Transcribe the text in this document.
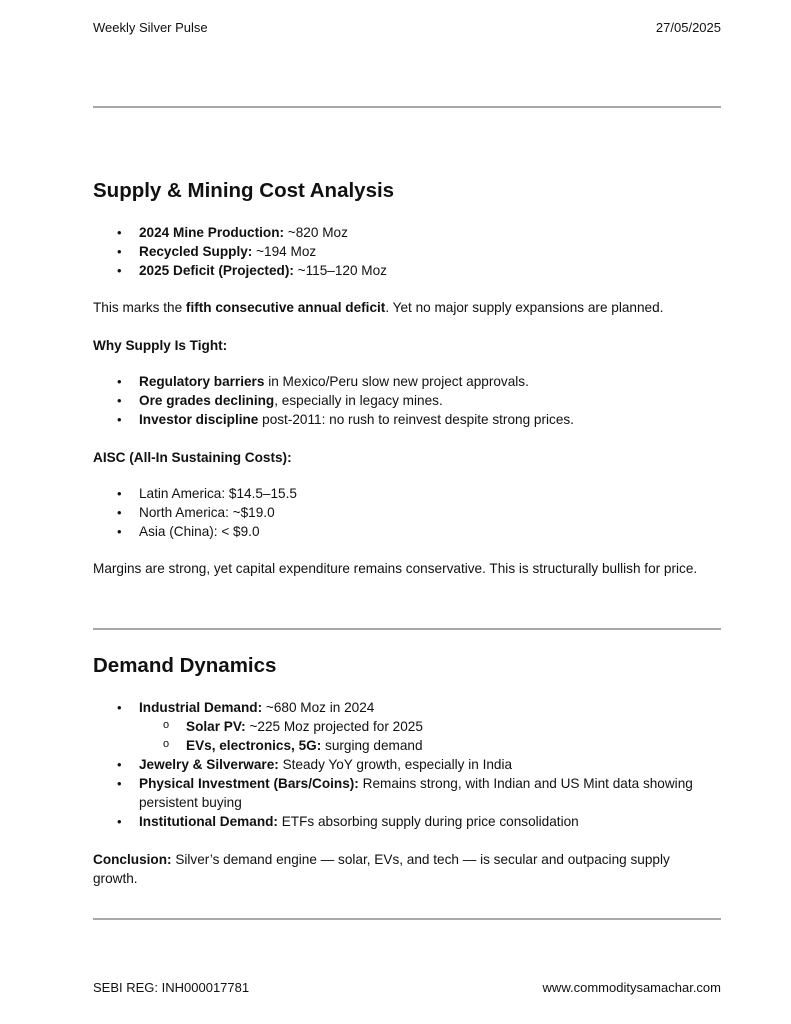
Weekly Silver Pulse	27/05/2025
Supply & Mining Cost Analysis
• 2024 Mine Production: ~820 Moz
• Recycled Supply: ~194 Moz
• 2025 Deficit (Projected): ~115–120 Moz

This marks the fifth consecutive annual deficit. Yet no major supply expansions are planned.

Why Supply Is Tight:

• Regulatory barriers in Mexico/Peru slow new project approvals.
• Ore grades declining, especially in legacy mines.
• Investor discipline post-2011: no rush to reinvest despite strong prices.

AISC (All-In Sustaining Costs):

• Latin America: $14.5–15.5
• North America: ~$19.0
• Asia (China): < $9.0

Margins are strong, yet capital expenditure remains conservative. This is structurally bullish for price.

Demand Dynamics
• Industrial Demand: ~680 Moz in 2024
o Solar PV: ~225 Moz projected for 2025
o EVs, electronics, 5G: surging demand
• Jewelry & Silverware: Steady YoY growth, especially in India
• Physical Investment (Bars/Coins): Remains strong, with Indian and US Mint data showing persistent buying
• Institutional Demand: ETFs absorbing supply during price consolidation

Conclusion: Silver’s demand engine — solar, EVs, and tech — is secular and outpacing supply growth.

SEBI REG: INH000017781	www.commoditysamachar.com
